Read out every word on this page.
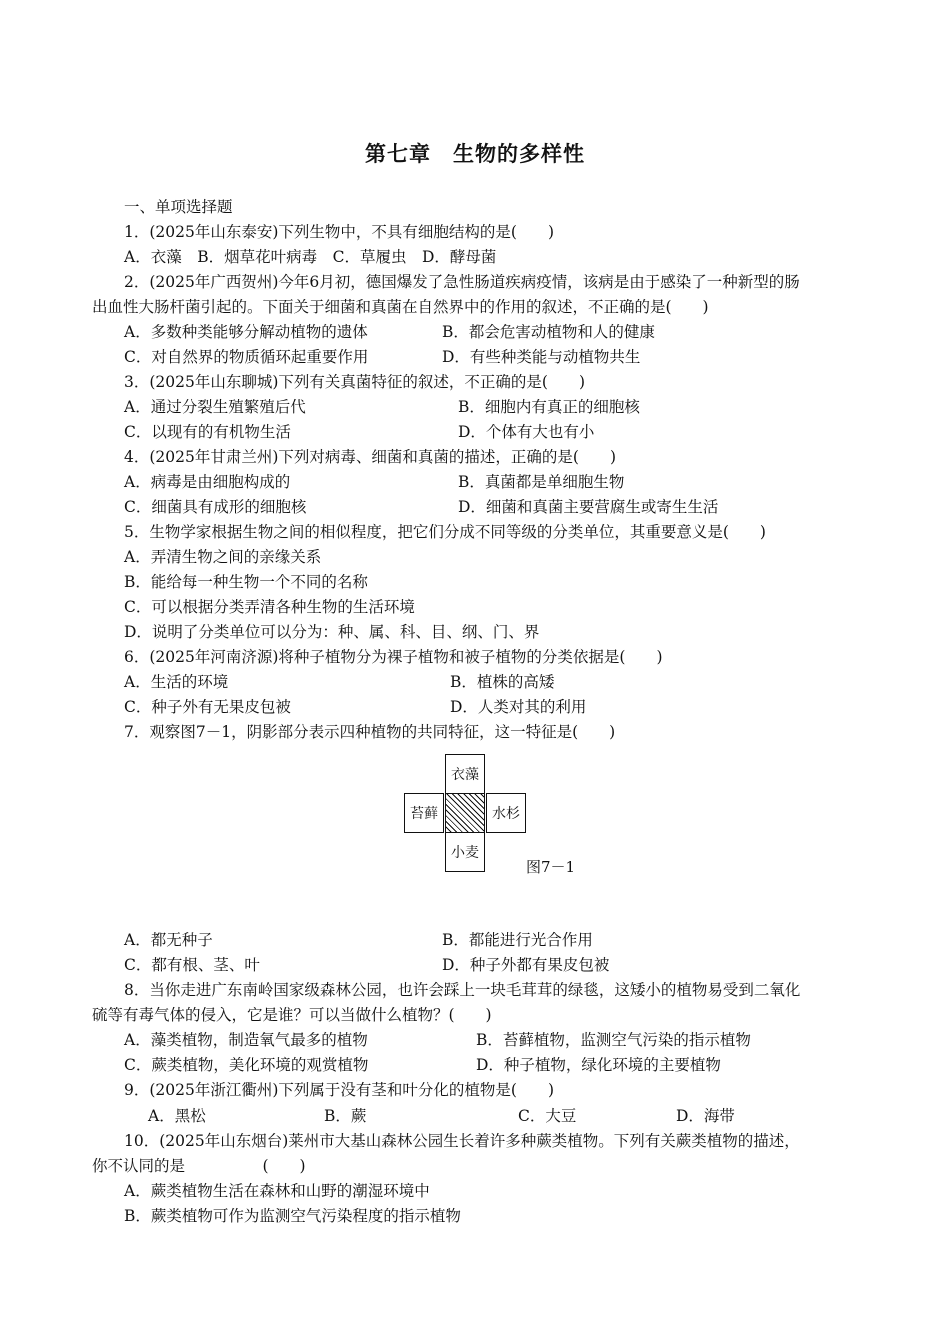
第七章　生物的多样性
一、单项选择题
1．(2025年山东泰安)下列生物中，不具有细胞结构的是(　　)
A．衣藻　B．烟草花叶病毒　C．草履虫　D．酵母菌
2．(2025年广西贺州)今年6月初，德国爆发了急性肠道疾病疫情，该病是由于感染了一种新型的肠
出血性大肠杆菌引起的。下面关于细菌和真菌在自然界中的作用的叙述，不正确的是(　　)
A．多数种类能够分解动植物的遗体	B．都会危害动植物和人的健康
C．对自然界的物质循环起重要作用	D．有些种类能与动植物共生
3．(2025年山东聊城)下列有关真菌特征的叙述，不正确的是(　　)
A．通过分裂生殖繁殖后代	B．细胞内有真正的细胞核
C．以现有的有机物生活	D．个体有大也有小
4．(2025年甘肃兰州)下列对病毒、细菌和真菌的描述，正确的是(　　)
A．病毒是由细胞构成的	B．真菌都是单细胞生物
C．细菌具有成形的细胞核	D．细菌和真菌主要营腐生或寄生生活
5．生物学家根据生物之间的相似程度，把它们分成不同等级的分类单位，其重要意义是(　　)
A．弄清生物之间的亲缘关系
B．能给每一种生物一个不同的名称
C．可以根据分类弄清各种生物的生活环境
D．说明了分类单位可以分为：种、属、科、目、纲、门、界
6．(2025年河南济源)将种子植物分为裸子植物和被子植物的分类依据是(　　)
A．生活的环境	B．植株的高矮
C．种子外有无果皮包被	D．人类对其的利用
7．观察图7－1，阴影部分表示四种植物的共同特征，这一特征是(　　)
衣藻
苔藓	水杉
小麦
图7－1
A．都无种子	B．都能进行光合作用
C．都有根、茎、叶	D．种子外都有果皮包被
8．当你走进广东南岭国家级森林公园，也许会踩上一块毛茸茸的绿毯，这矮小的植物易受到二氧化
硫等有毒气体的侵入，它是谁？可以当做什么植物？(　　)
A．藻类植物，制造氧气最多的植物	B．苔藓植物，监测空气污染的指示植物
C．蕨类植物，美化环境的观赏植物	D．种子植物，绿化环境的主要植物
9．(2025年浙江衢州)下列属于没有茎和叶分化的植物是(　　)
A．黑松	B．蕨	C．大豆	D．海带
10．(2025年山东烟台)莱州市大基山森林公园生长着许多种蕨类植物。下列有关蕨类植物的描述，
你不认同的是　　　　　(　　)
A．蕨类植物生活在森林和山野的潮湿环境中
B．蕨类植物可作为监测空气污染程度的指示植物
